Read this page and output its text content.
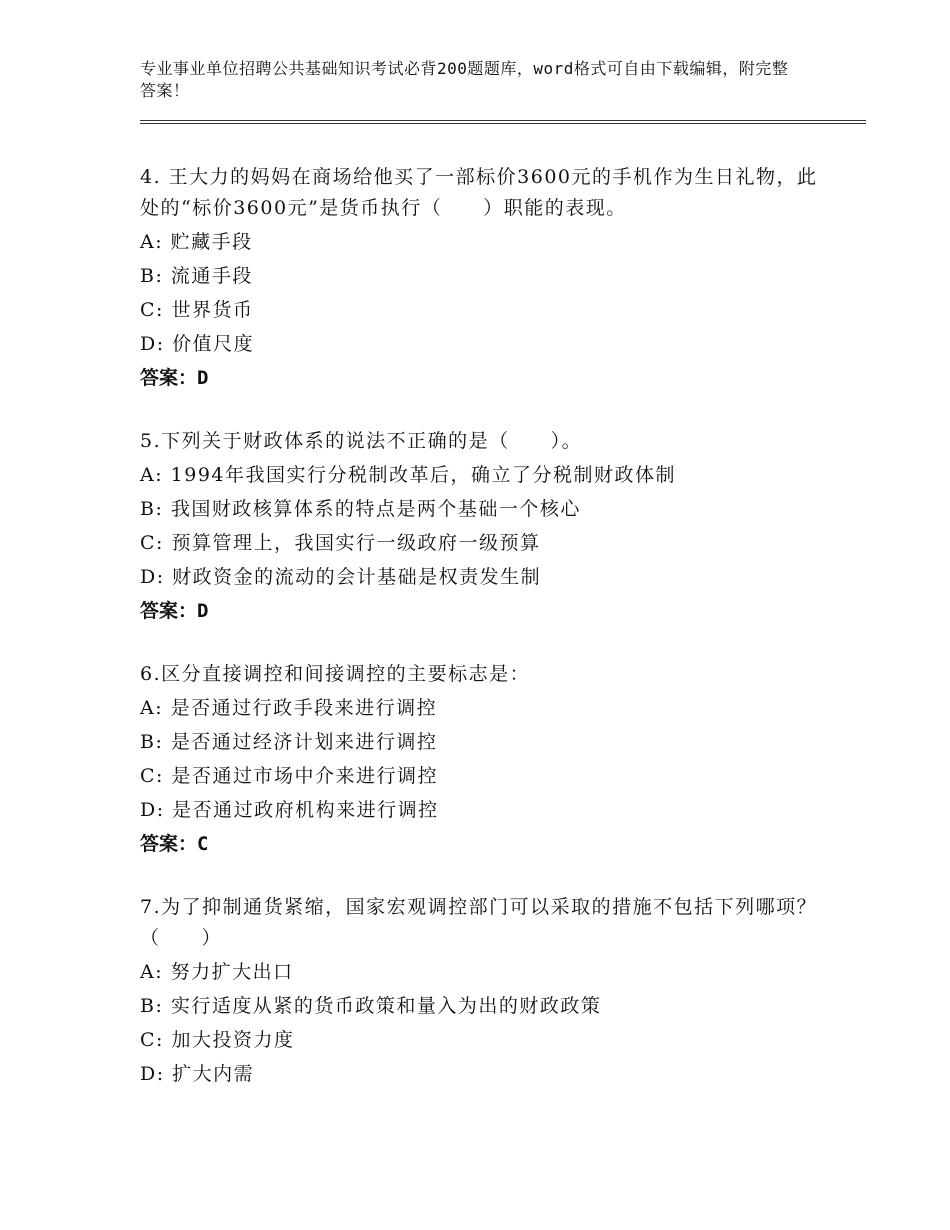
专业事业单位招聘公共基础知识考试必背200题题库，word格式可自由下载编辑，附完整答案！

4. 王大力的妈妈在商场给他买了一部标价3600元的手机作为生日礼物，此处的“标价3600元”是货币执行（　　）职能的表现。

A: 贮藏手段

B: 流通手段

C: 世界货币

D: 价值尺度

答案：D

5.下列关于财政体系的说法不正确的是（　　）。

A: 1994年我国实行分税制改革后，确立了分税制财政体制

B: 我国财政核算体系的特点是两个基础一个核心

C: 预算管理上，我国实行一级政府一级预算

D: 财政资金的流动的会计基础是权责发生制

答案：D

6.区分直接调控和间接调控的主要标志是：

A: 是否通过行政手段来进行调控

B: 是否通过经济计划来进行调控

C: 是否通过市场中介来进行调控

D: 是否通过政府机构来进行调控

答案：C

7.为了抑制通货紧缩，国家宏观调控部门可以采取的措施不包括下列哪项？（　　）

A: 努力扩大出口

B: 实行适度从紧的货币政策和量入为出的财政政策

C: 加大投资力度

D: 扩大内需
